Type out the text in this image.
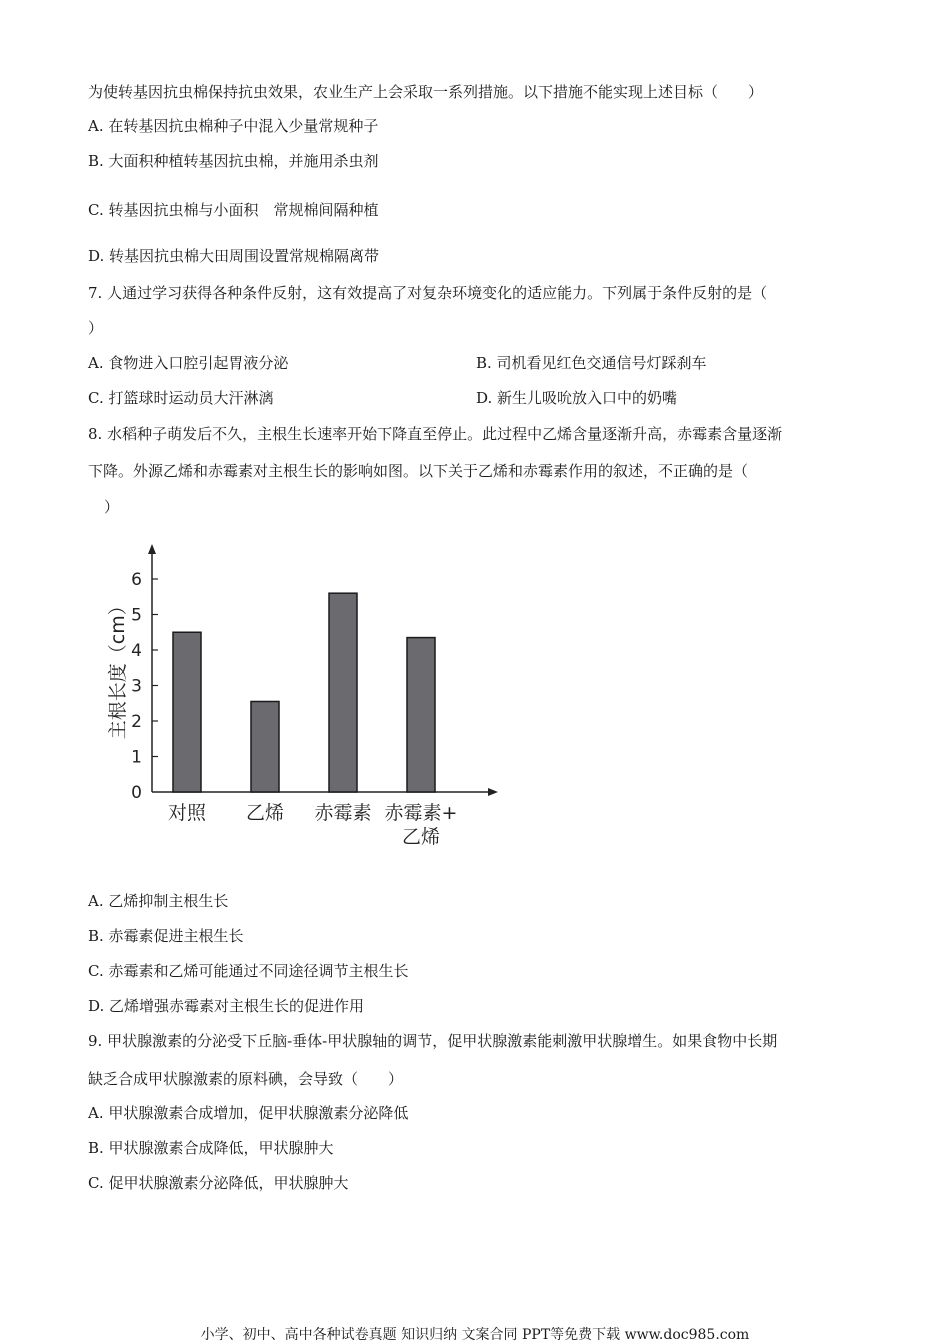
为使转基因抗虫棉保持抗虫效果，农业生产上会采取一系列措施。以下措施不能实现上述目标（　　）
A. 在转基因抗虫棉种子中混入少量常规种子
B. 大面积种植转基因抗虫棉，并施用杀虫剂
C. 转基因抗虫棉与小面积　常规棉间隔种植
D. 转基因抗虫棉大田周围设置常规棉隔离带
7. 人通过学习获得各种条件反射，这有效提高了对复杂环境变化的适应能力。下列属于条件反射的是（
）
A. 食物进入口腔引起胃液分泌	B. 司机看见红色交通信号灯踩刹车
C. 打篮球时运动员大汗淋漓	D. 新生儿吸吮放入口中的奶嘴
8. 水稻种子萌发后不久，主根生长速率开始下降直至停止。此过程中乙烯含量逐渐升高，赤霉素含量逐渐
下降。外源乙烯和赤霉素对主根生长的影响如图。以下关于乙烯和赤霉素作用的叙述，不正确的是（
）
0
1
2
3
4
5
6
主根长度（cm）
对照 乙烯 赤霉素 赤霉素+
乙烯
A. 乙烯抑制主根生长
B. 赤霉素促进主根生长
C. 赤霉素和乙烯可能通过不同途径调节主根生长
D. 乙烯增强赤霉素对主根生长的促进作用
9. 甲状腺激素的分泌受下丘脑-垂体-甲状腺轴的调节，促甲状腺激素能刺激甲状腺增生。如果食物中长期
缺乏合成甲状腺激素的原料碘，会导致（　　）
A. 甲状腺激素合成增加，促甲状腺激素分泌降低
B. 甲状腺激素合成降低，甲状腺肿大
C. 促甲状腺激素分泌降低，甲状腺肿大
小学、初中、高中各种试卷真题 知识归纳 文案合同 PPT等免费下载 www.doc985.com
